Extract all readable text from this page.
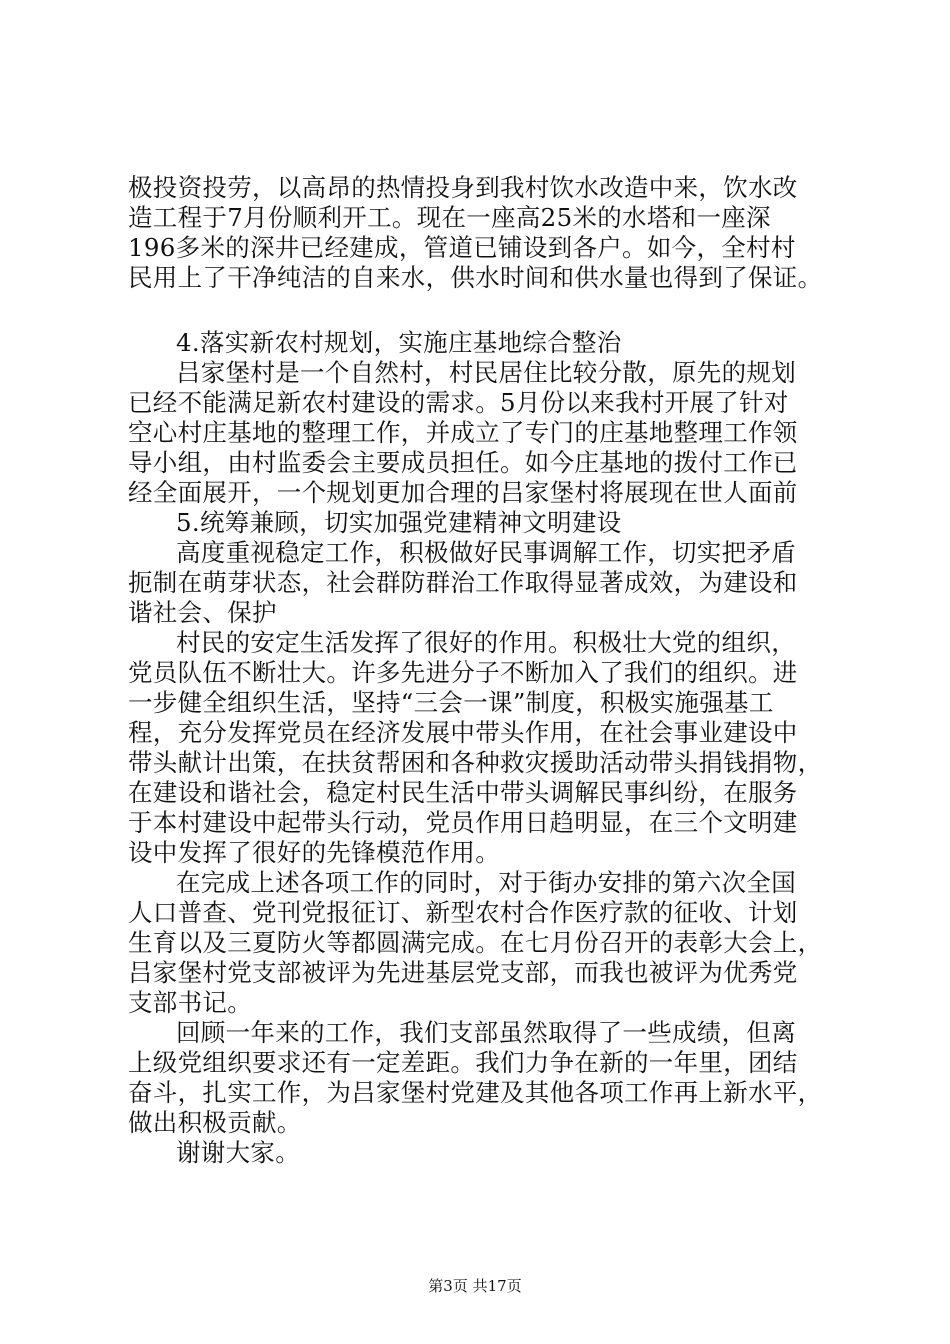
极投资投劳，以高昂的热情投身到我村饮水改造中来，饮水改
造工程于7月份顺利开工。现在一座高25米的水塔和一座深
196多米的深井已经建成，管道已铺设到各户。如今，全村村
民用上了干净纯洁的自来水，供水时间和供水量也得到了保证。
4.落实新农村规划，实施庄基地综合整治
吕家堡村是一个自然村，村民居住比较分散，原先的规划
已经不能满足新农村建设的需求。5月份以来我村开展了针对
空心村庄基地的整理工作，并成立了专门的庄基地整理工作领
导小组，由村监委会主要成员担任。如今庄基地的拨付工作已
经全面展开，一个规划更加合理的吕家堡村将展现在世人面前
5.统筹兼顾，切实加强党建精神文明建设
高度重视稳定工作，积极做好民事调解工作，切实把矛盾
扼制在萌芽状态，社会群防群治工作取得显著成效，为建设和
谐社会、保护
村民的安定生活发挥了很好的作用。积极壮大党的组织，
党员队伍不断壮大。许多先进分子不断加入了我们的组织。进
一步健全组织生活，坚持“三会一课”制度，积极实施强基工
程，充分发挥党员在经济发展中带头作用，在社会事业建设中
带头献计出策，在扶贫帮困和各种救灾援助活动带头捐钱捐物，
在建设和谐社会，稳定村民生活中带头调解民事纠纷，在服务
于本村建设中起带头行动，党员作用日趋明显，在三个文明建
设中发挥了很好的先锋模范作用。
在完成上述各项工作的同时，对于街办安排的第六次全国
人口普查、党刊党报征订、新型农村合作医疗款的征收、计划
生育以及三夏防火等都圆满完成。在七月份召开的表彰大会上，
吕家堡村党支部被评为先进基层党支部，而我也被评为优秀党
支部书记。
回顾一年来的工作，我们支部虽然取得了一些成绩，但离
上级党组织要求还有一定差距。我们力争在新的一年里，团结
奋斗，扎实工作，为吕家堡村党建及其他各项工作再上新水平，
做出积极贡献。
谢谢大家。
第3页 共17页
